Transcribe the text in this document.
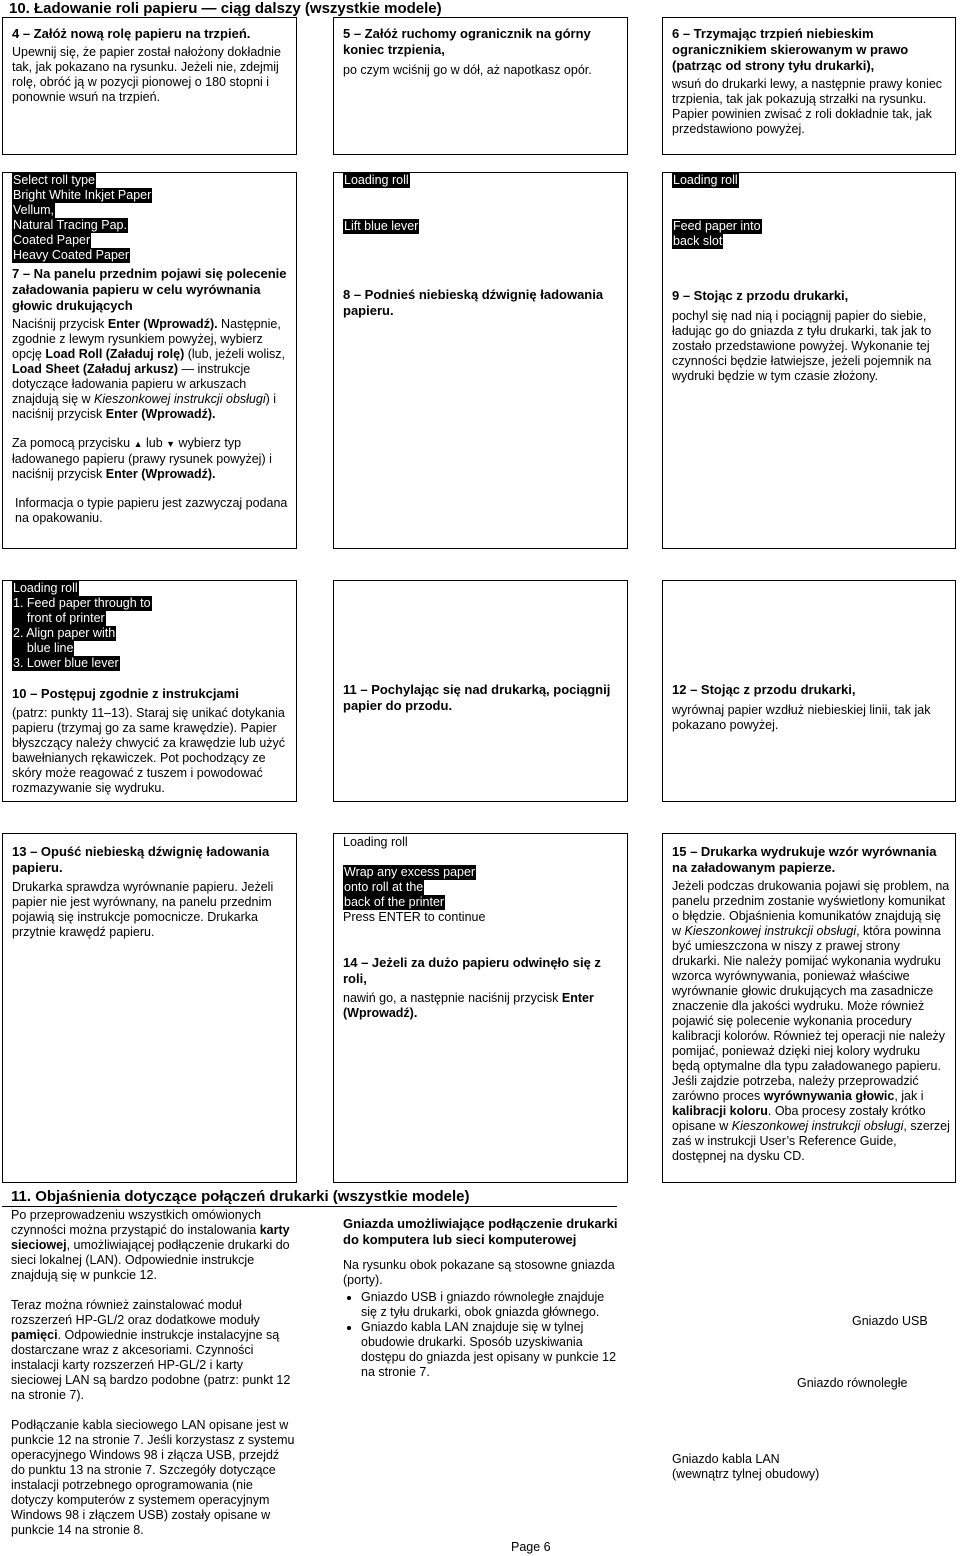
10. Ładowanie roli papieru — ciąg dalszy (wszystkie modele)

4 – Załóż nową rolę papieru na trzpień.

Upewnij się, że papier został nałożony dokładnie tak, jak pokazano na rysunku. Jeżeli nie, zdejmij rolę, obróć ją w pozycji pionowej o 180 stopni i ponownie wsuń na trzpień.

5 – Załóż ruchomy ogranicznik na górny koniec trzpienia,

po czym wciśnij go w dół, aż napotkasz opór.

6 – Trzymając trzpień niebieskim ogranicznikiem skierowanym w prawo (patrząc od strony tyłu drukarki),

wsuń do drukarki lewy, a następnie prawy koniec trzpienia, tak jak pokazują strzałki na rysunku. Papier powinien zwisać z roli dokładnie tak, jak przedstawiono powyżej.

Select roll type
Bright White Inkjet Paper
Vellum,
Natural Tracing Pap.
Coated Paper
Heavy Coated Paper

7 – Na panelu przednim pojawi się polecenie załadowania papieru w celu wyrównania głowic drukujących

Naciśnij przycisk Enter (Wprowadź). Następnie, zgodnie z lewym rysunkiem powyżej, wybierz opcję Load Roll (Załaduj rolę) (lub, jeżeli wolisz, Load Sheet (Załaduj arkusz) — instrukcje dotyczące ładowania papieru w arkuszach znajdują się w Kieszonkowej instrukcji obsługi) i naciśnij przycisk Enter (Wprowadź).

Za pomocą przycisku ▲ lub ▼ wybierz typ ładowanego papieru (prawy rysunek powyżej) i naciśnij przycisk Enter (Wprowadź).

Informacja o typie papieru jest zazwyczaj podana na opakowaniu.

Loading roll
Lift blue lever

8 – Podnieś niebieską dźwignię ładowania papieru.

Loading roll
Feed paper into
back slot

9 – Stojąc z przodu drukarki,

pochyl się nad nią i pociągnij papier do siebie, ładując go do gniazda z tyłu drukarki, tak jak to zostało przedstawione powyżej. Wykonanie tej czynności będzie łatwiejsze, jeżeli pojemnik na wydruki będzie w tym czasie złożony.

Loading roll
1. Feed paper through to
front of printer
2. Align paper with
blue line
3. Lower blue lever

10 – Postępuj zgodnie z instrukcjami

(patrz: punkty 11–13). Staraj się unikać dotykania papieru (trzymaj go za same krawędzie). Papier błyszczący należy chwycić za krawędzie lub użyć bawełnianych rękawiczek. Pot pochodzący ze skóry może reagować z tuszem i powodować rozmazywanie się wydruku.

11 – Pochylając się nad drukarką, pociągnij papier do przodu.

12 – Stojąc z przodu drukarki,

wyrównaj papier wzdłuż niebieskiej linii, tak jak pokazano powyżej.

13 – Opuść niebieską dźwignię ładowania papieru.

Drukarka sprawdza wyrównanie papieru. Jeżeli papier nie jest wyrównany, na panelu przednim pojawią się instrukcje pomocnicze. Drukarka przytnie krawędź papieru.

Loading roll
Wrap any excess paper
onto roll at the
back of the printer
Press ENTER to continue

14 – Jeżeli za dużo papieru odwinęło się z roli,

nawiń go, a następnie naciśnij przycisk Enter (Wprowadź).

15 – Drukarka wydrukuje wzór wyrównania na załadowanym papierze.

Jeżeli podczas drukowania pojawi się problem, na panelu przednim zostanie wyświetlony komunikat o błędzie. Objaśnienia komunikatów znajdują się w Kieszonkowej instrukcji obsługi, która powinna być umieszczona w niszy z prawej strony drukarki. Nie należy pomijać wykonania wydruku wzorca wyrównywania, ponieważ właściwe wyrównanie głowic drukujących ma zasadnicze znaczenie dla jakości wydruku. Może również pojawić się polecenie wykonania procedury kalibracji kolorów. Również tej operacji nie należy pomijać, ponieważ dzięki niej kolory wydruku będą optymalne dla typu załadowanego papieru. Jeśli zajdzie potrzeba, należy przeprowadzić zarówno proces wyrównywania głowic, jak i kalibracji koloru. Oba procesy zostały krótko opisane w Kieszonkowej instrukcji obsługi, szerzej zaś w instrukcji User’s Reference Guide, dostępnej na dysku CD.

11. Objaśnienia dotyczące połączeń drukarki (wszystkie modele)

Po przeprowadzeniu wszystkich omówionych czynności można przystąpić do instalowania karty sieciowej, umożliwiającej podłączenie drukarki do sieci lokalnej (LAN). Odpowiednie instrukcje znajdują się w punkcie 12.

Teraz można również zainstalować moduł rozszerzeń HP-GL/2 oraz dodatkowe moduły pamięci. Odpowiednie instrukcje instalacyjne są dostarczane wraz z akcesoriami. Czynności instalacji karty rozszerzeń HP-GL/2 i karty sieciowej LAN są bardzo podobne (patrz: punkt 12 na stronie 7).

Podłączanie kabla sieciowego LAN opisane jest w punkcie 12 na stronie 7. Jeśli korzystasz z systemu operacyjnego Windows 98 i złącza USB, przejdź do punktu 13 na stronie 7. Szczegóły dotyczące instalacji potrzebnego oprogramowania (nie dotyczy komputerów z systemem operacyjnym Windows 98 i złączem USB) zostały opisane w punkcie 14 na stronie 8.

Gniazda umożliwiające podłączenie drukarki do komputera lub sieci komputerowej

Na rysunku obok pokazane są stosowne gniazda (porty).

• Gniazdo USB i gniazdo równoległe znajduje się z tyłu drukarki, obok gniazda głównego.
• Gniazdo kabla LAN znajduje się w tylnej obudowie drukarki. Sposób uzyskiwania dostępu do gniazda jest opisany w punkcie 12 na stronie 7.
Gniazdo USB
Gniazdo równoległe
Gniazdo kabla LAN
(wewnątrz tylnej obudowy)
Page 6
